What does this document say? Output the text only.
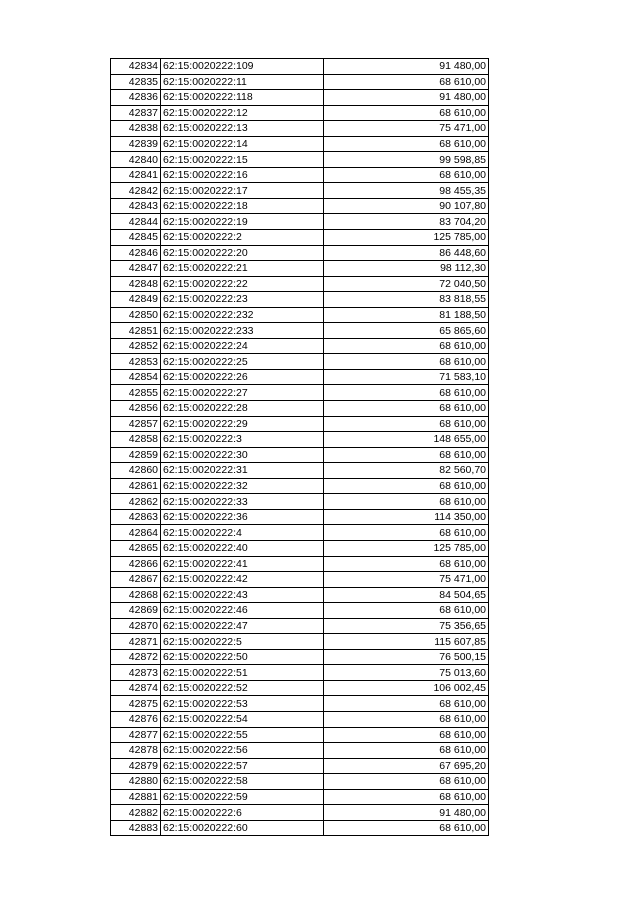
42834	62:15:0020222:109	91 480,00
42835	62:15:0020222:11	68 610,00
42836	62:15:0020222:118	91 480,00
42837	62:15:0020222:12	68 610,00
42838	62:15:0020222:13	75 471,00
42839	62:15:0020222:14	68 610,00
42840	62:15:0020222:15	99 598,85
42841	62:15:0020222:16	68 610,00
42842	62:15:0020222:17	98 455,35
42843	62:15:0020222:18	90 107,80
42844	62:15:0020222:19	83 704,20
42845	62:15:0020222:2	125 785,00
42846	62:15:0020222:20	86 448,60
42847	62:15:0020222:21	98 112,30
42848	62:15:0020222:22	72 040,50
42849	62:15:0020222:23	83 818,55
42850	62:15:0020222:232	81 188,50
42851	62:15:0020222:233	65 865,60
42852	62:15:0020222:24	68 610,00
42853	62:15:0020222:25	68 610,00
42854	62:15:0020222:26	71 583,10
42855	62:15:0020222:27	68 610,00
42856	62:15:0020222:28	68 610,00
42857	62:15:0020222:29	68 610,00
42858	62:15:0020222:3	148 655,00
42859	62:15:0020222:30	68 610,00
42860	62:15:0020222:31	82 560,70
42861	62:15:0020222:32	68 610,00
42862	62:15:0020222:33	68 610,00
42863	62:15:0020222:36	114 350,00
42864	62:15:0020222:4	68 610,00
42865	62:15:0020222:40	125 785,00
42866	62:15:0020222:41	68 610,00
42867	62:15:0020222:42	75 471,00
42868	62:15:0020222:43	84 504,65
42869	62:15:0020222:46	68 610,00
42870	62:15:0020222:47	75 356,65
42871	62:15:0020222:5	115 607,85
42872	62:15:0020222:50	76 500,15
42873	62:15:0020222:51	75 013,60
42874	62:15:0020222:52	106 002,45
42875	62:15:0020222:53	68 610,00
42876	62:15:0020222:54	68 610,00
42877	62:15:0020222:55	68 610,00
42878	62:15:0020222:56	68 610,00
42879	62:15:0020222:57	67 695,20
42880	62:15:0020222:58	68 610,00
42881	62:15:0020222:59	68 610,00
42882	62:15:0020222:6	91 480,00
42883	62:15:0020222:60	68 610,00
